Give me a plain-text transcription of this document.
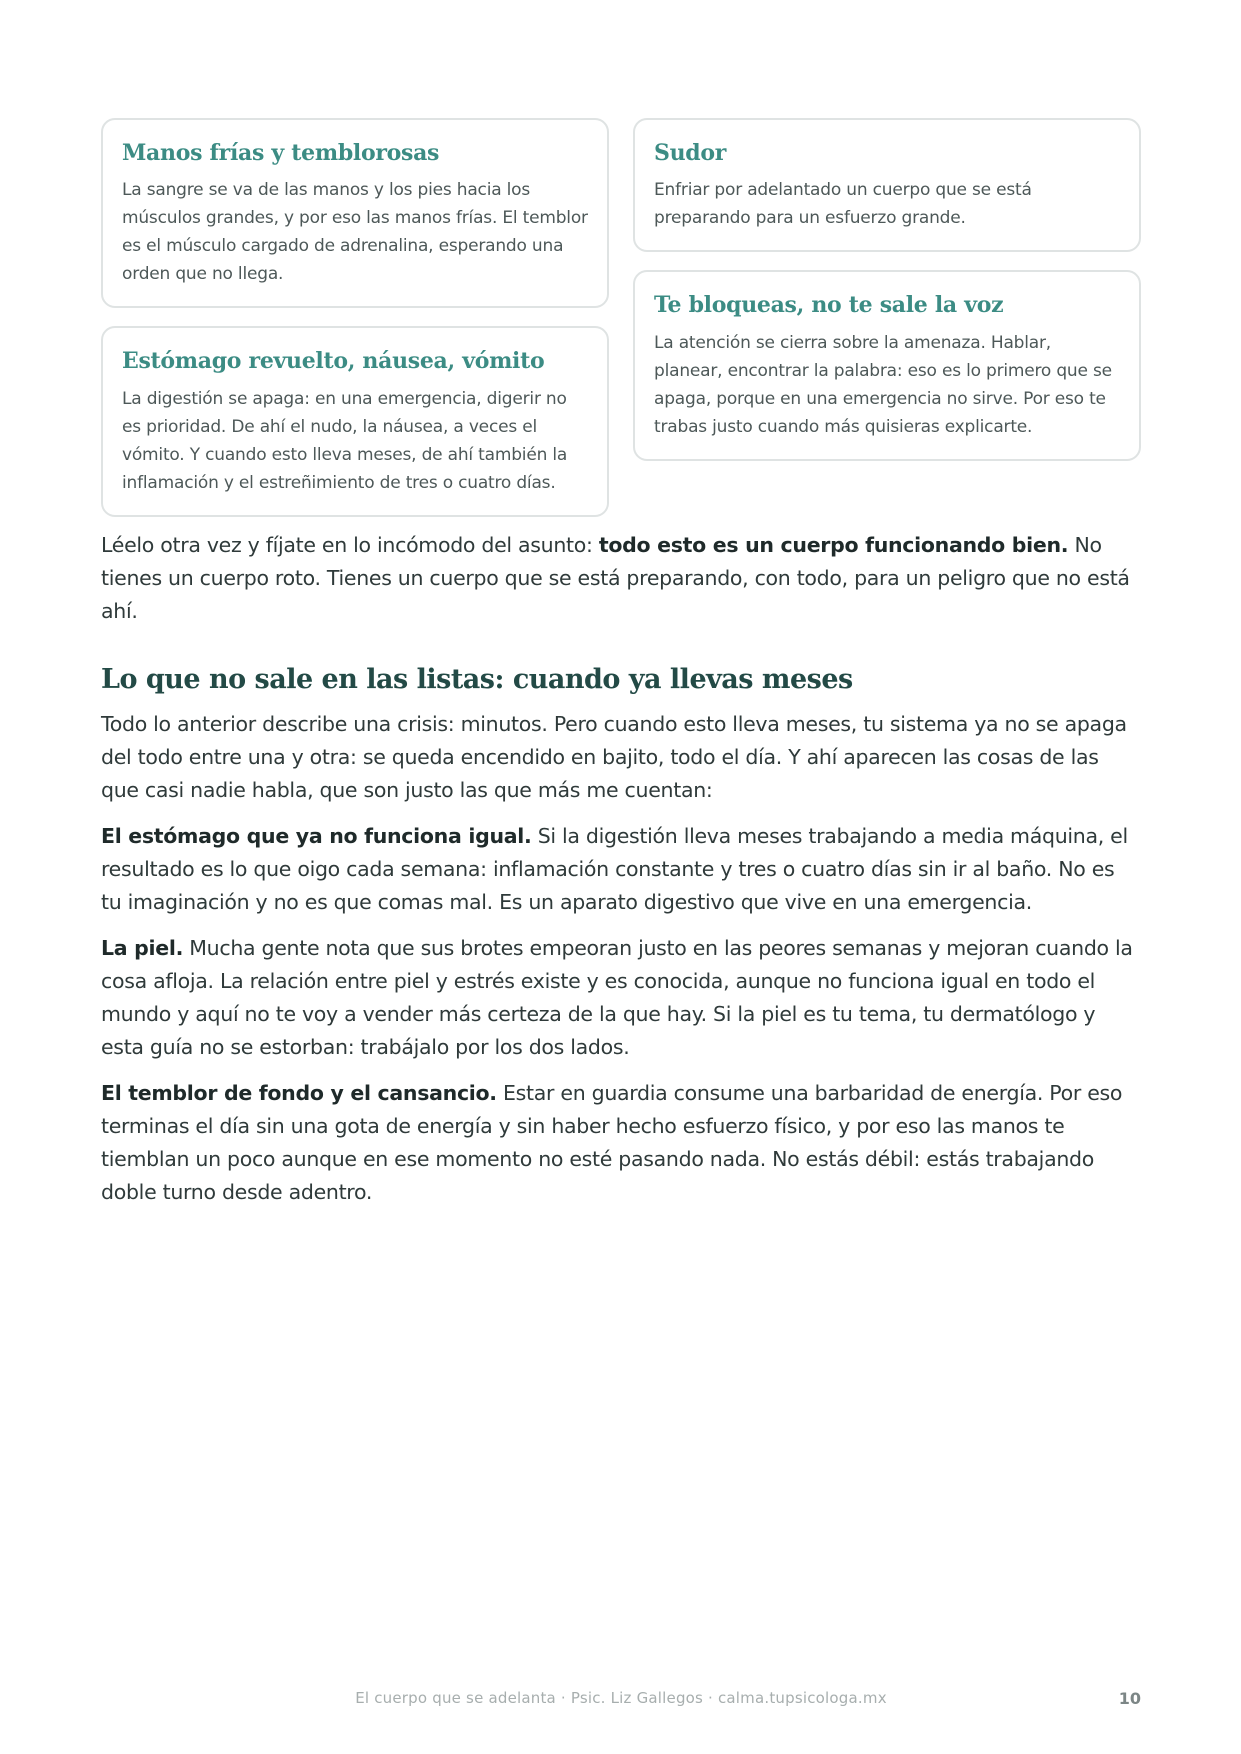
Manos frías y temblorosas

La sangre se va de las manos y los pies hacia los músculos grandes, y por eso las manos frías. El temblor es el músculo cargado de adrenalina, esperando una orden que no llega.

Estómago revuelto, náusea, vómito

La digestión se apaga: en una emergencia, digerir no es prioridad. De ahí el nudo, la náusea, a veces el vómito. Y cuando esto lleva meses, de ahí también la inflamación y el estreñimiento de tres o cuatro días.

Sudor

Enfriar por adelantado un cuerpo que se está preparando para un esfuerzo grande.

Te bloqueas, no te sale la voz

La atención se cierra sobre la amenaza. Hablar, planear, encontrar la palabra: eso es lo primero que se apaga, porque en una emergencia no sirve. Por eso te trabas justo cuando más quisieras explicarte.

Léelo otra vez y fíjate en lo incómodo del asunto: todo esto es un cuerpo funcionando bien. No tienes un cuerpo roto. Tienes un cuerpo que se está preparando, con todo, para un peligro que no está ahí.

Lo que no sale en las listas: cuando ya llevas meses

Todo lo anterior describe una crisis: minutos. Pero cuando esto lleva meses, tu sistema ya no se apaga del todo entre una y otra: se queda encendido en bajito, todo el día. Y ahí aparecen las cosas de las que casi nadie habla, que son justo las que más me cuentan:

El estómago que ya no funciona igual. Si la digestión lleva meses trabajando a media máquina, el resultado es lo que oigo cada semana: inflamación constante y tres o cuatro días sin ir al baño. No es tu imaginación y no es que comas mal. Es un aparato digestivo que vive en una emergencia.

La piel. Mucha gente nota que sus brotes empeoran justo en las peores semanas y mejoran cuando la cosa afloja. La relación entre piel y estrés existe y es conocida, aunque no funciona igual en todo el mundo y aquí no te voy a vender más certeza de la que hay. Si la piel es tu tema, tu dermatólogo y esta guía no se estorban: trabájalo por los dos lados.

El temblor de fondo y el cansancio. Estar en guardia consume una barbaridad de energía. Por eso terminas el día sin una gota de energía y sin haber hecho esfuerzo físico, y por eso las manos te tiemblan un poco aunque en ese momento no esté pasando nada. No estás débil: estás trabajando doble turno desde adentro.

El cuerpo que se adelanta · Psic. Liz Gallegos · calma.tupsicologa.mx	10
